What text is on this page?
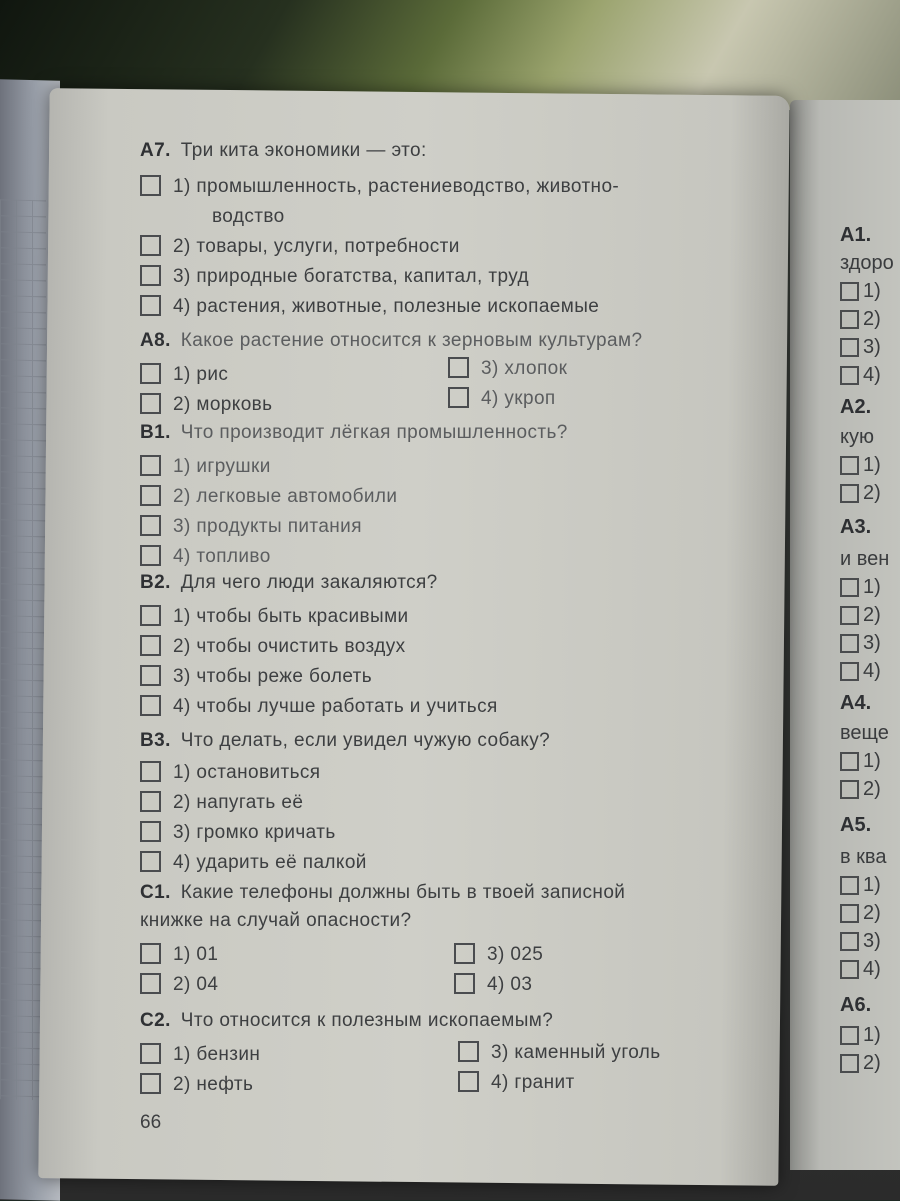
А7. Три кита экономики — это:
1) промышленность, растениеводство, животно-
водство
2) товары, услуги, потребности
3) природные богатства, капитал, труд
4) растения, животные, полезные ископаемые
А8. Какое растение относится к зерновым культурам?
1) рис
2) морковь
3) хлопок
4) укроп
В1. Что производит лёгкая промышленность?
1) игрушки
2) легковые автомобили
3) продукты питания
4) топливо
В2. Для чего люди закаляются?
1) чтобы быть красивыми
2) чтобы очистить воздух
3) чтобы реже болеть
4) чтобы лучше работать и учиться
В3. Что делать, если увидел чужую собаку?
1) остановиться
2) напугать её
3) громко кричать
4) ударить её палкой
С1. Какие телефоны должны быть в твоей записной
книжке на случай опасности?
1) 01
2) 04
3) 025
4) 03
С2. Что относится к полезным ископаемым?
1) бензин
2) нефть
3) каменный уголь
4) гранит
66
А1.
здоро
1)
2)
3)
4)
А2.
кую
1)
2)
А3.
и вен
1)
2)
3)
4)
А4.
веще
1)
2)
А5.
в ква
1)
2)
3)
4)
А6.
1)
2)
